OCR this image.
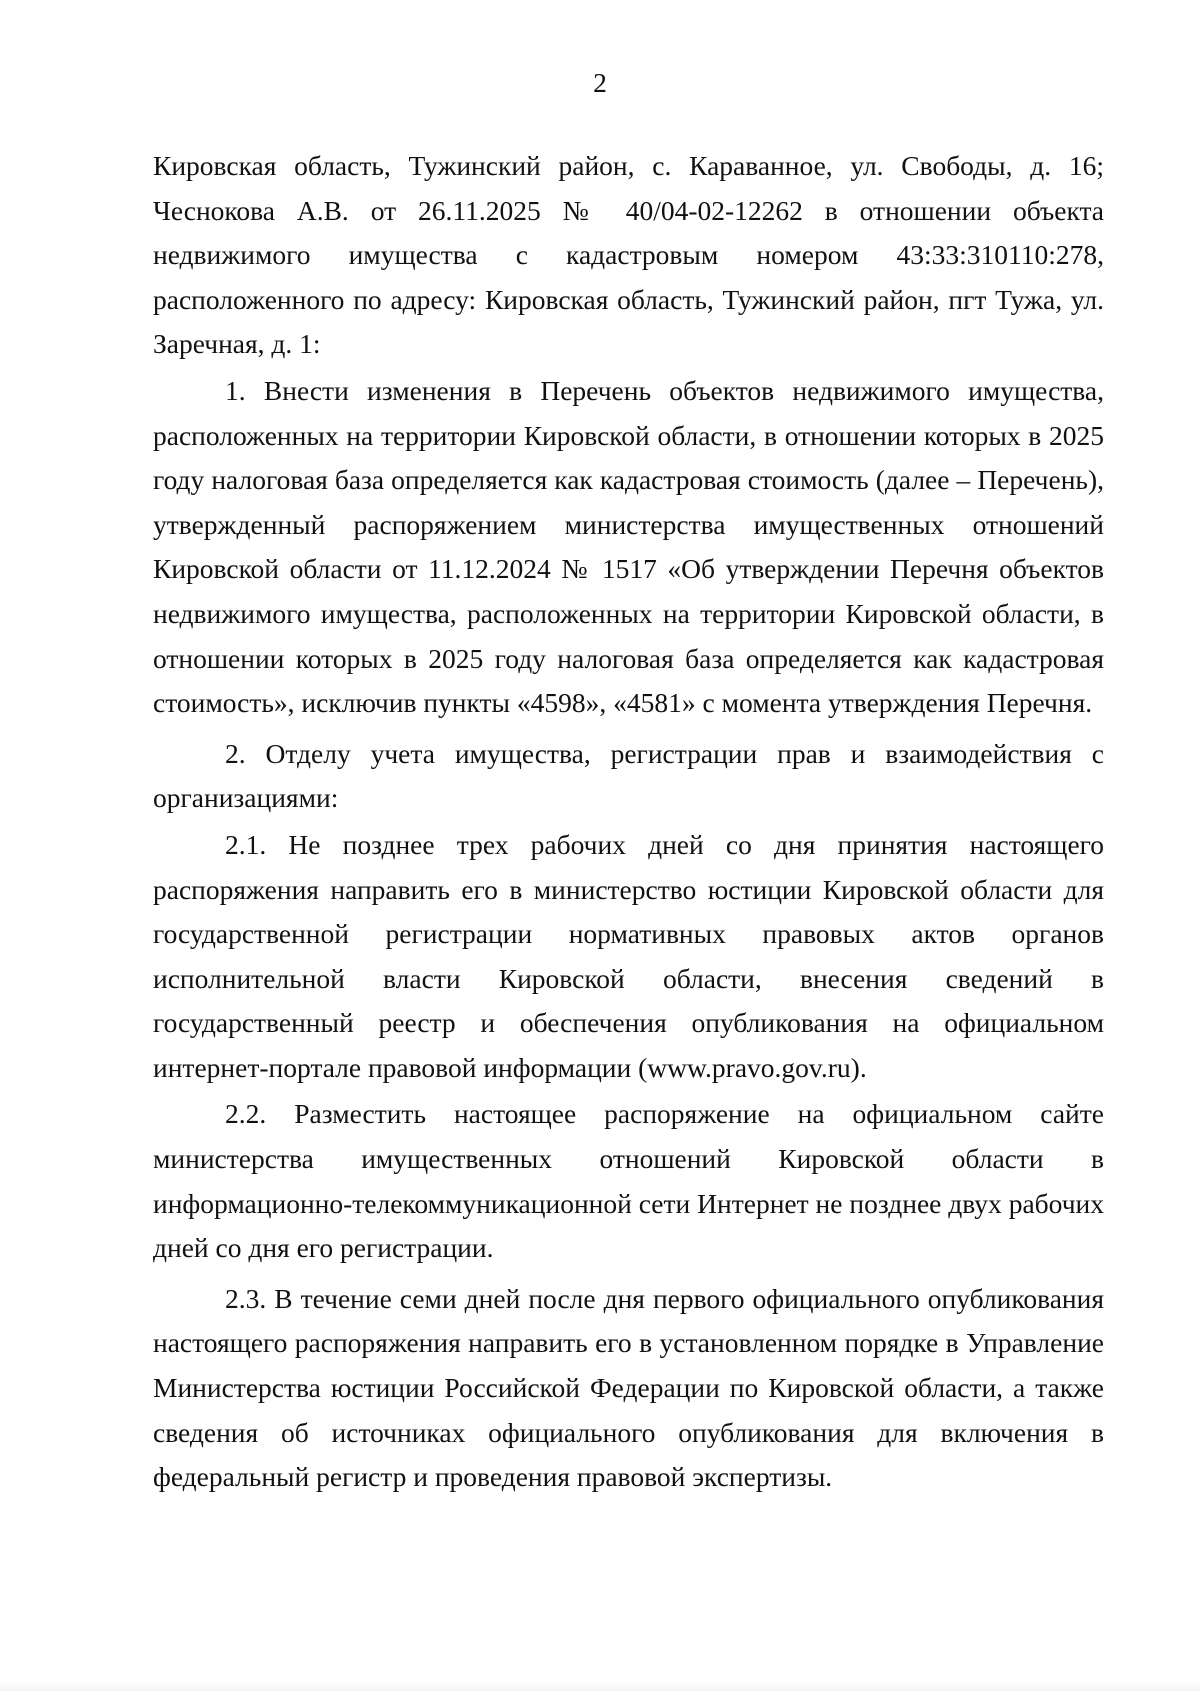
2

Кировская область, Тужинский район, с. Караванное, ул. Свободы, д. 16; Чеснокова А.В. от 26.11.2025 № 40/04-02-12262 в отношении объекта недвижимого имущества с кадастровым номером 43:33:310110:278, расположенного по адресу: Кировская область, Тужинский район, пгт Тужа, ул. Заречная, д. 1:

1. Внести изменения в Перечень объектов недвижимого имущества, расположенных на территории Кировской области, в отношении которых в 2025 году налоговая база определяется как кадастровая стоимость (далее – Перечень), утвержденный распоряжением министерства имущественных отношений Кировской области от 11.12.2024 № 1517 «Об утверждении Перечня объектов недвижимого имущества, расположенных на территории Кировской области, в отношении которых в 2025 году налоговая база определяется как кадастровая стоимость», исключив пункты «4598», «4581» с момента утверждения Перечня.

2. Отделу учета имущества, регистрации прав и взаимодействия с организациями:

2.1. Не позднее трех рабочих дней со дня принятия настоящего распоряжения направить его в министерство юстиции Кировской области для государственной регистрации нормативных правовых актов органов исполнительной власти Кировской области, внесения сведений в государственный реестр и обеспечения опубликования на официальном интернет-портале правовой информации (www.pravo.gov.ru).

2.2. Разместить настоящее распоряжение на официальном сайте министерства имущественных отношений Кировской области в информационно-телекоммуникационной сети Интернет не позднее двух рабочих дней со дня его регистрации.

2.3. В течение семи дней после дня первого официального опубликования настоящего распоряжения направить его в установленном порядке в Управление Министерства юстиции Российской Федерации по Кировской области, а также сведения об источниках официального опубликования для включения в федеральный регистр и проведения правовой экспертизы.
